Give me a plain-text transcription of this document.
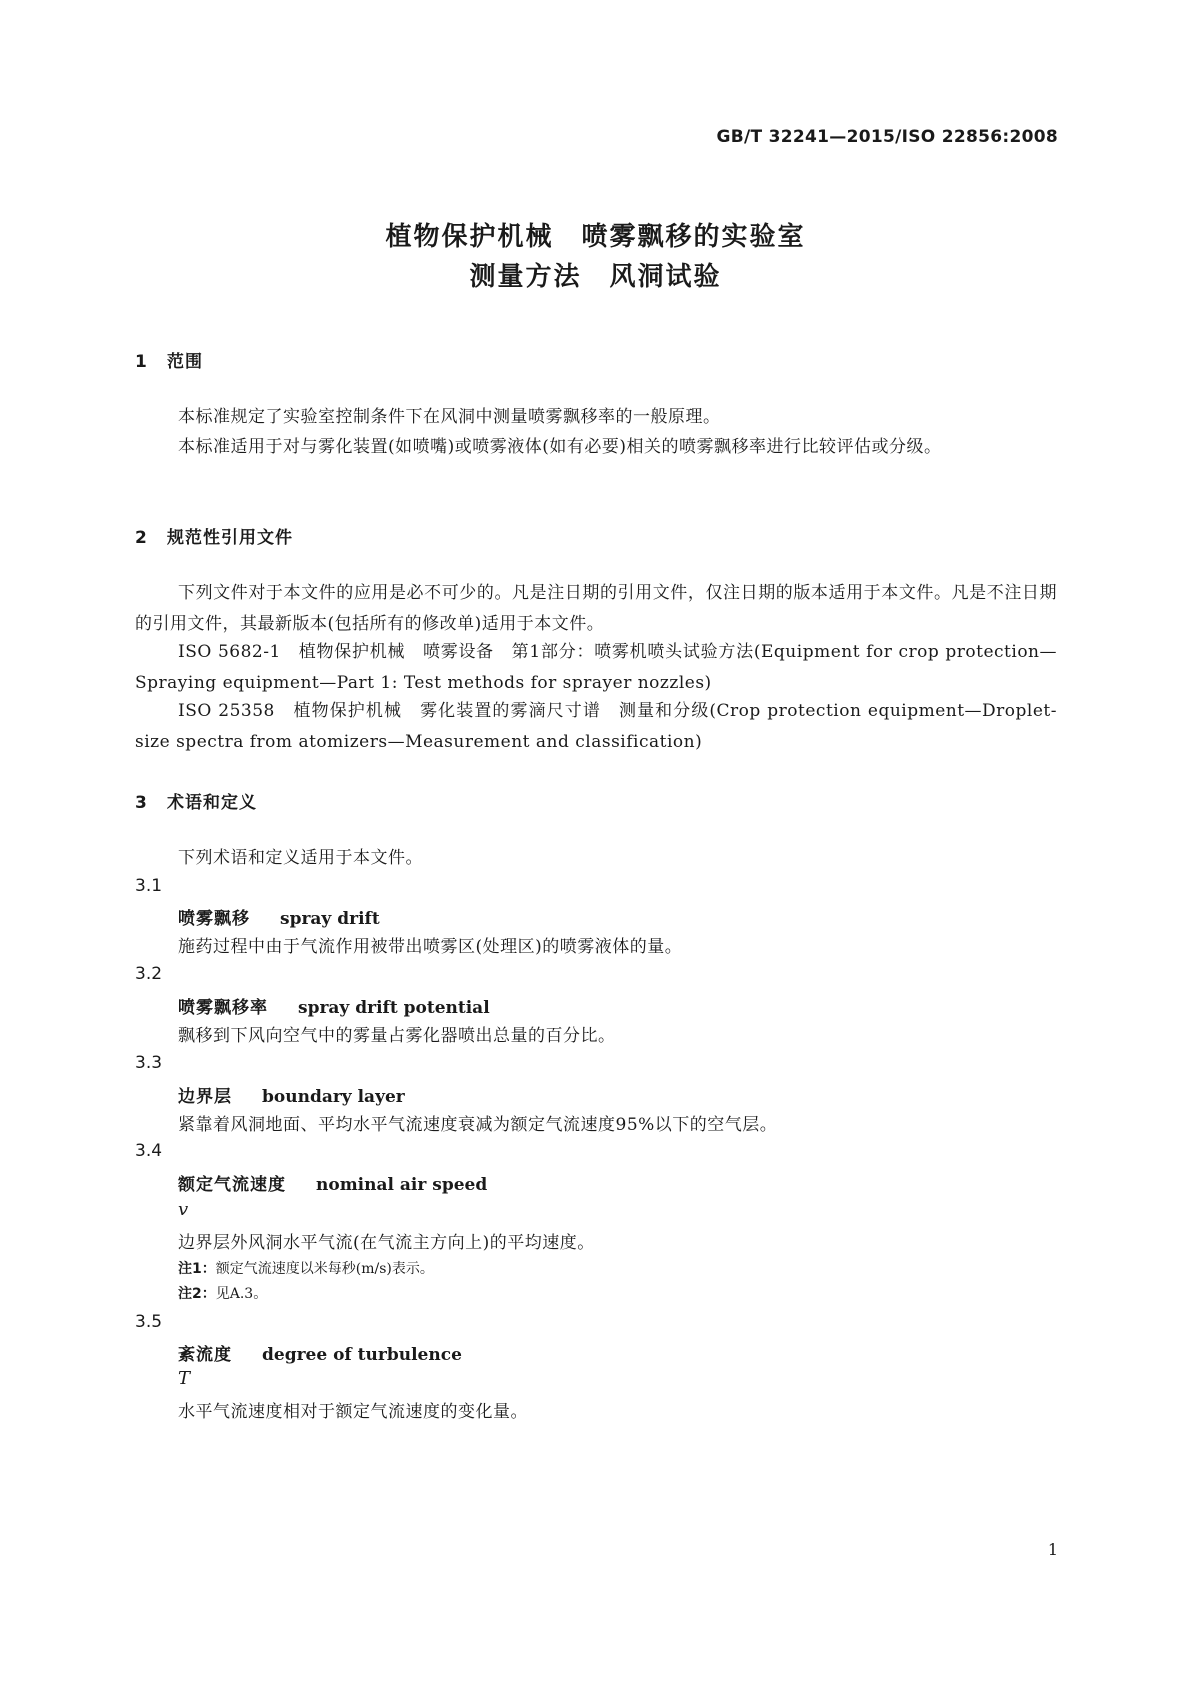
GB/T 32241—2015/ISO 22856:2008
植物保护机械　喷雾飘移的实验室
测量方法　风洞试验
1 范围
本标准规定了实验室控制条件下在风洞中测量喷雾飘移率的一般原理。
本标准适用于对与雾化装置(如喷嘴)或喷雾液体(如有必要)相关的喷雾飘移率进行比较评估或分级。
2 规范性引用文件
下列文件对于本文件的应用是必不可少的。凡是注日期的引用文件，仅注日期的版本适用于本文件。凡是不注日期的引用文件，其最新版本(包括所有的修改单)适用于本文件。
ISO 5682-1　植物保护机械　喷雾设备　第1部分：喷雾机喷头试验方法(Equipment for crop protection—Spraying equipment—Part 1: Test methods for sprayer nozzles)
ISO 25358　植物保护机械　雾化装置的雾滴尺寸谱　测量和分级(Crop protection equipment—Droplet-size spectra from atomizers—Measurement and classification)
3 术语和定义
下列术语和定义适用于本文件。
3.1
喷雾飘移 spray drift
施药过程中由于气流作用被带出喷雾区(处理区)的喷雾液体的量。
3.2
喷雾飘移率 spray drift potential
飘移到下风向空气中的雾量占雾化器喷出总量的百分比。
3.3
边界层 boundary layer
紧靠着风洞地面、平均水平气流速度衰减为额定气流速度95%以下的空气层。
3.4
额定气流速度 nominal air speed
v
边界层外风洞水平气流(在气流主方向上)的平均速度。
注1：额定气流速度以米每秒(m/s)表示。
注2：见A.3。
3.5
紊流度 degree of turbulence
T
水平气流速度相对于额定气流速度的变化量。
1
